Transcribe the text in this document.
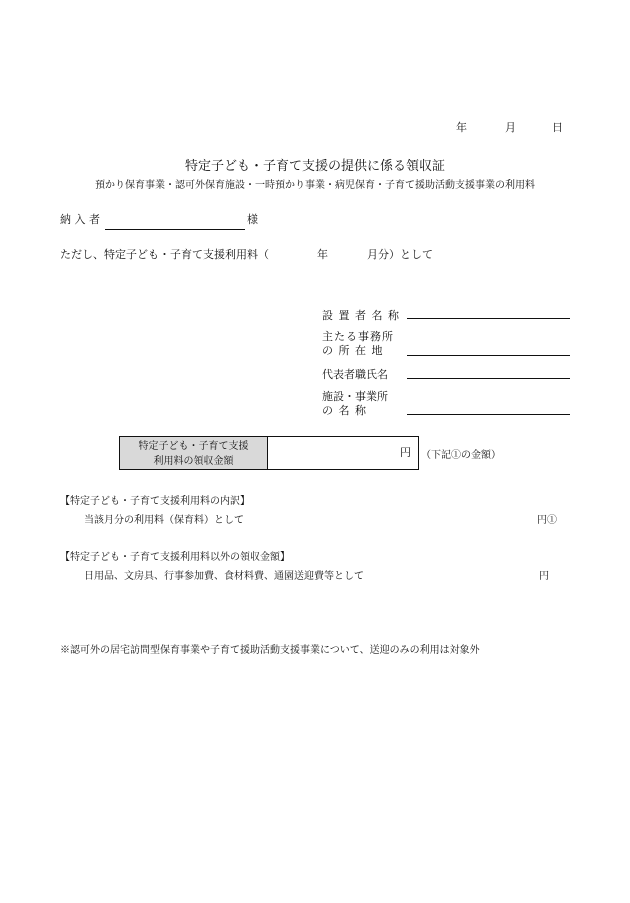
年	月	日
特定子ども・子育て支援の提供に係る領収証
預かり保育事業・認可外保育施設・一時預かり事業・病児保育・子育て援助活動支援事業の利用料
納 入 者	様
ただし、特定子ども・子育て支援利用料（	年	月分）として
設 置 者 名 称
主たる事務所
の 所 在 地
代表者職氏名
施設・事業所
の 名 称
特定子ども・子育て支援
利用料の領収金額
円	（下記①の金額）
【特定子ども・子育て支援利用料の内訳】
当該月分の利用料（保育料）として	円①
【特定子ども・子育て支援利用料以外の領収金額】
日用品、文房具、行事参加費、食材料費、通園送迎費等として	円
※認可外の居宅訪問型保育事業や子育て援助活動支援事業について、送迎のみの利用は対象外
